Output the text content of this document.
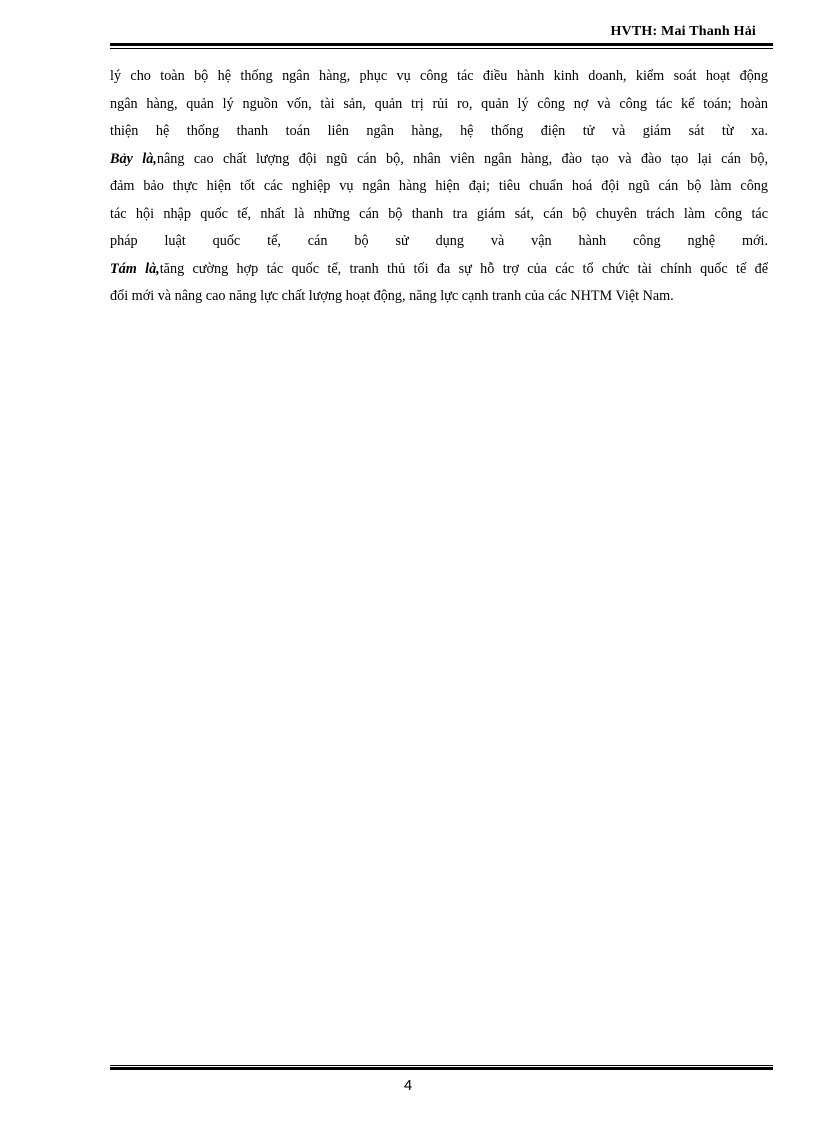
HVTH: Mai Thanh Hải
lý cho toàn bộ hệ thống ngân hàng, phục vụ công tác điều hành kinh doanh, kiểm soát hoạt động
ngân hàng, quản lý nguồn vốn, tài sản, quản trị rủi ro, quản lý công nợ và công tác kế toán; hoàn
thiện hệ thống thanh toán liên ngân hàng, hệ thống điện tử và giám sát từ xa.
Bảy là,nâng cao chất lượng đội ngũ cán bộ, nhân viên ngân hàng, đào tạo và đào tạo lại cán bộ,
đảm bảo thực hiện tốt các nghiệp vụ ngân hàng hiện đại; tiêu chuẩn hoá đội ngũ cán bộ làm công
tác hội nhập quốc tế, nhất là những cán bộ thanh tra giám sát, cán bộ chuyên trách làm công tác
pháp luật quốc tế, cán bộ sử dụng và vận hành công nghệ mới.
Tám là,tăng cường hợp tác quốc tế, tranh thủ tối đa sự hỗ trợ của các tổ chức tài chính quốc tế để
đổi mới và nâng cao năng lực chất lượng hoạt động, năng lực cạnh tranh của các NHTM Việt Nam.
4
